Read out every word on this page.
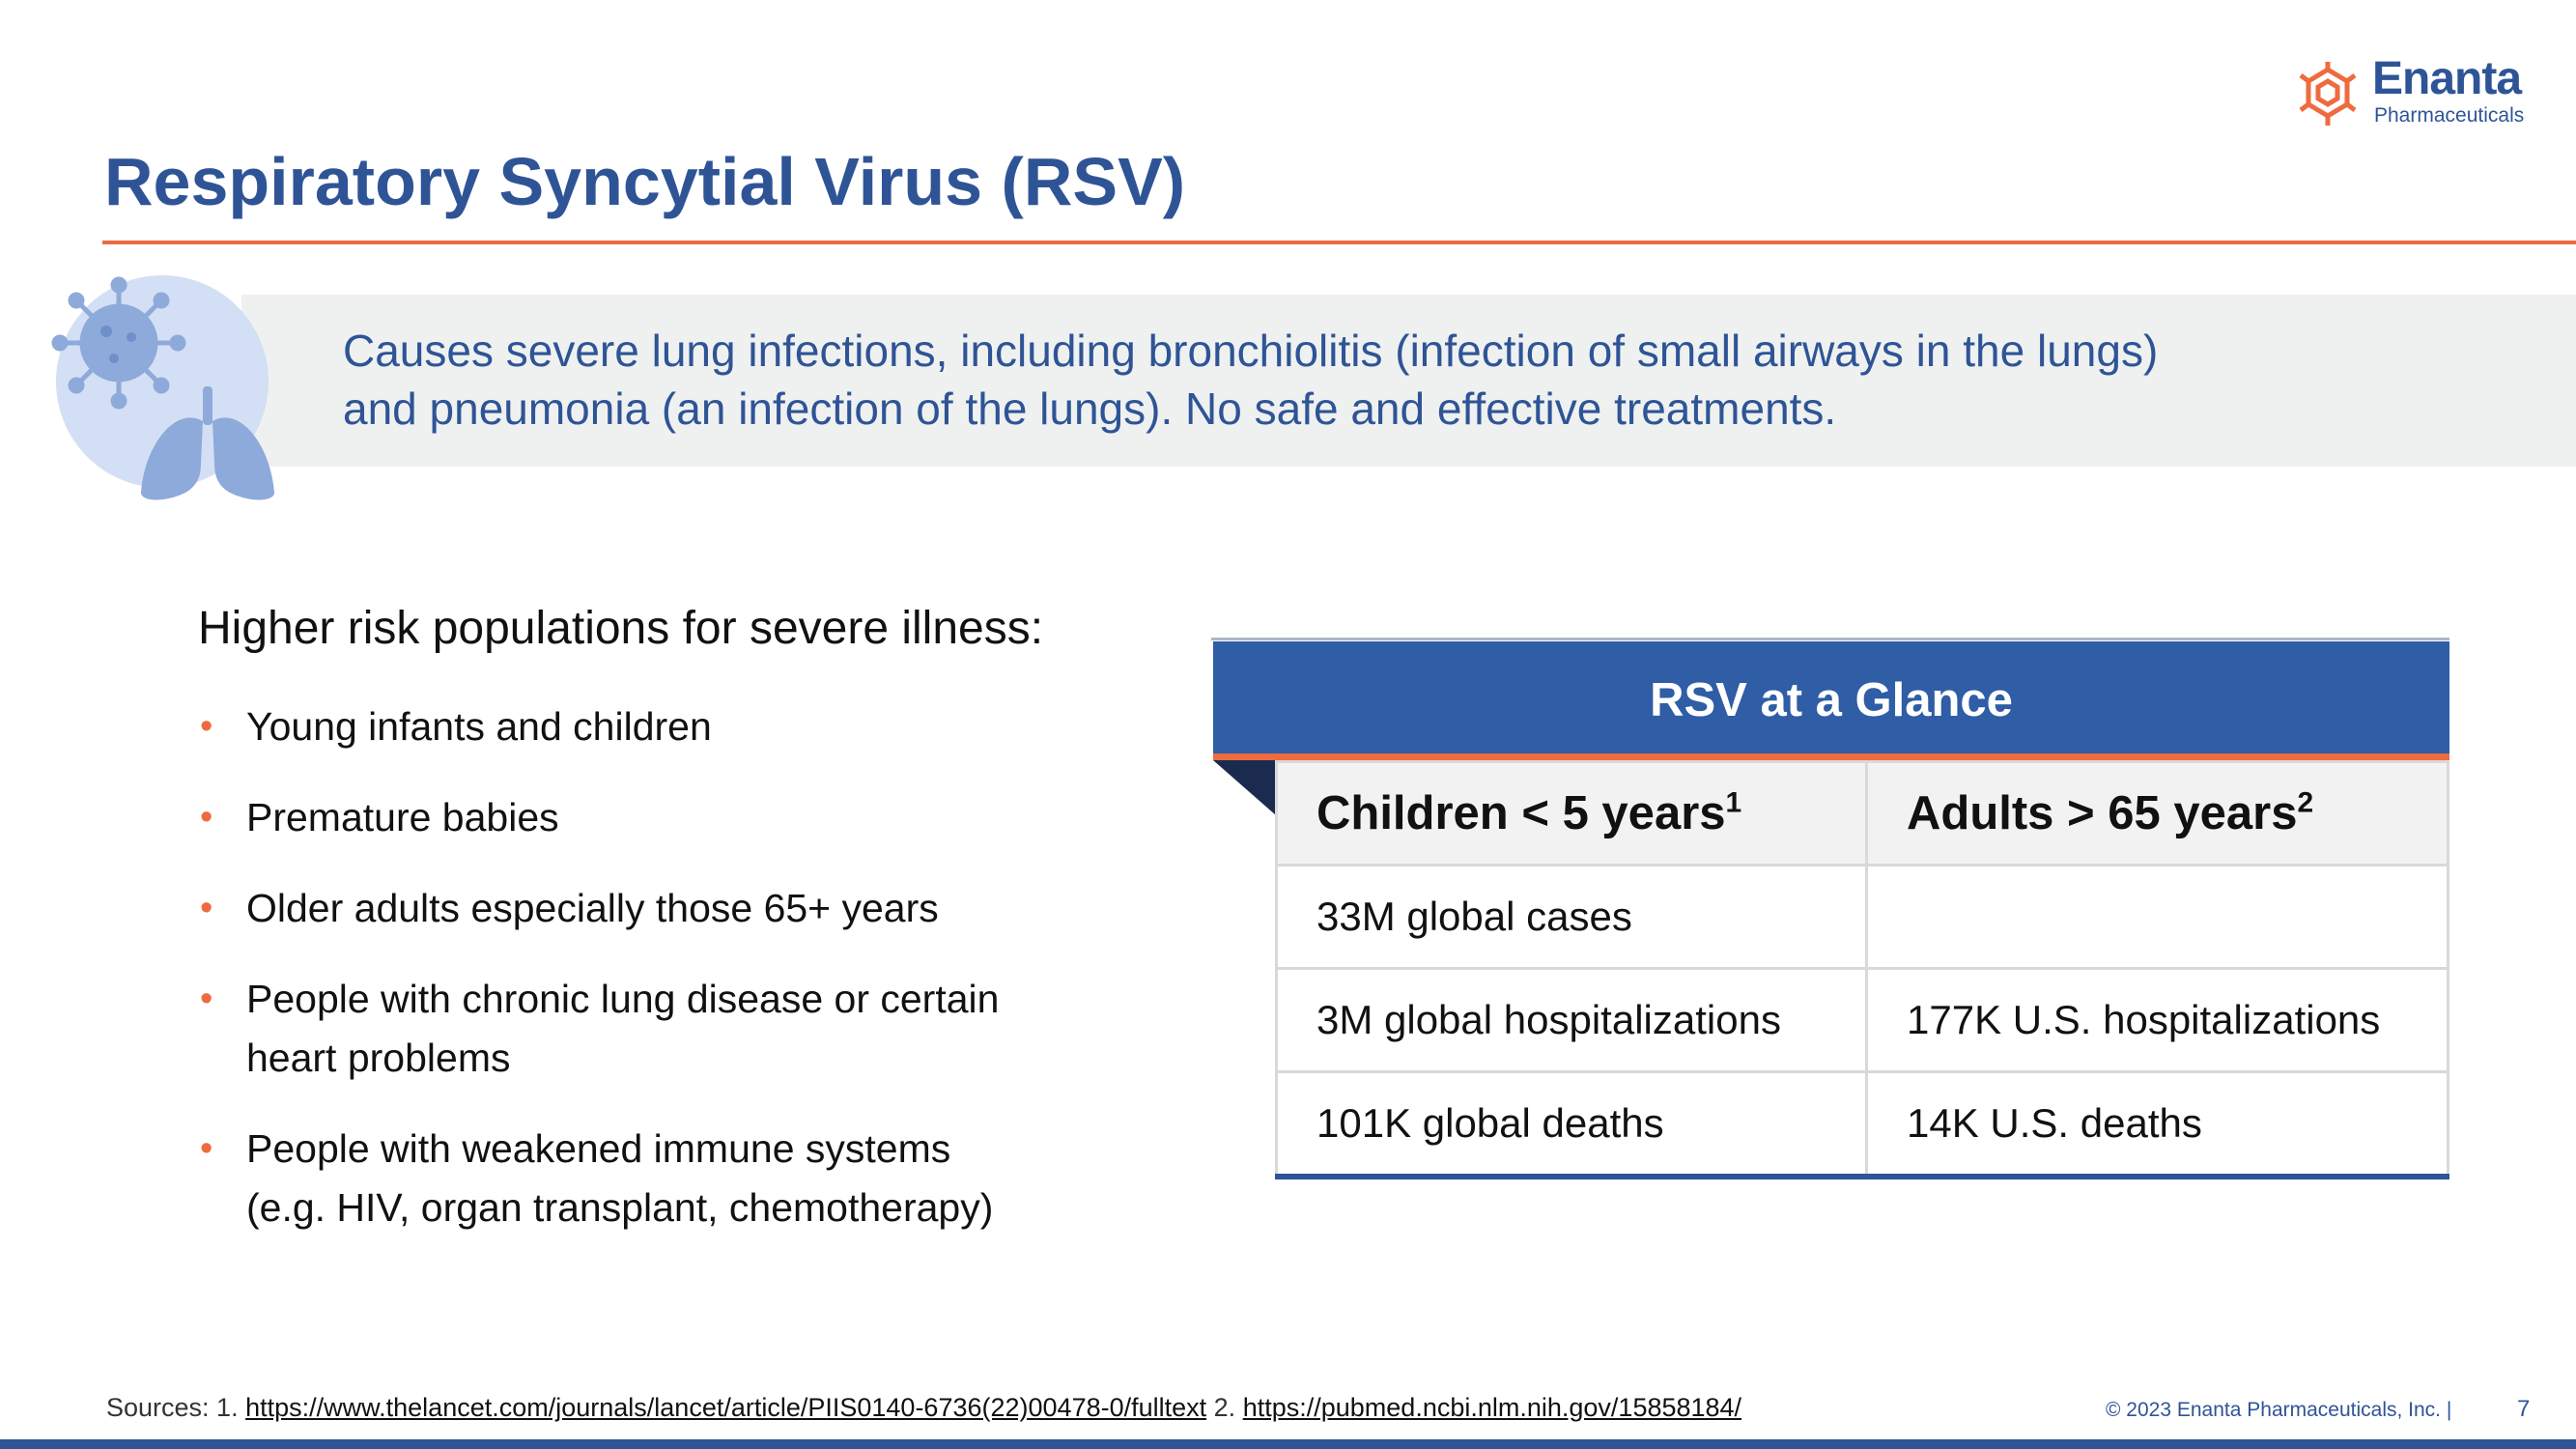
Enanta
Pharmaceuticals
Respiratory Syncytial Virus (RSV)
Causes severe lung infections, including bronchiolitis (infection of small airways in the lungs)
and pneumonia (an infection of the lungs). No safe and effective treatments.
Higher risk populations for severe illness:
• Young infants and children
• Premature babies
• Older adults especially those 65+ years
• People with chronic lung disease or certain
heart problems
• People with weakened immune systems
(e.g. HIV, organ transplant, chemotherapy)
RSV at a Glance
Children < 5 years$^1$	Adults > 65 years$^2$
33M global cases	
3M global hospitalizations	177K U.S. hospitalizations
101K global deaths	14K U.S. deaths
Sources: 1. https://www.thelancet.com/journals/lancet/article/PIIS0140-6736(22)00478-0/fulltext 2. https://pubmed.ncbi.nlm.nih.gov/15858184/	© 2023 Enanta Pharmaceuticals, Inc. |	7
